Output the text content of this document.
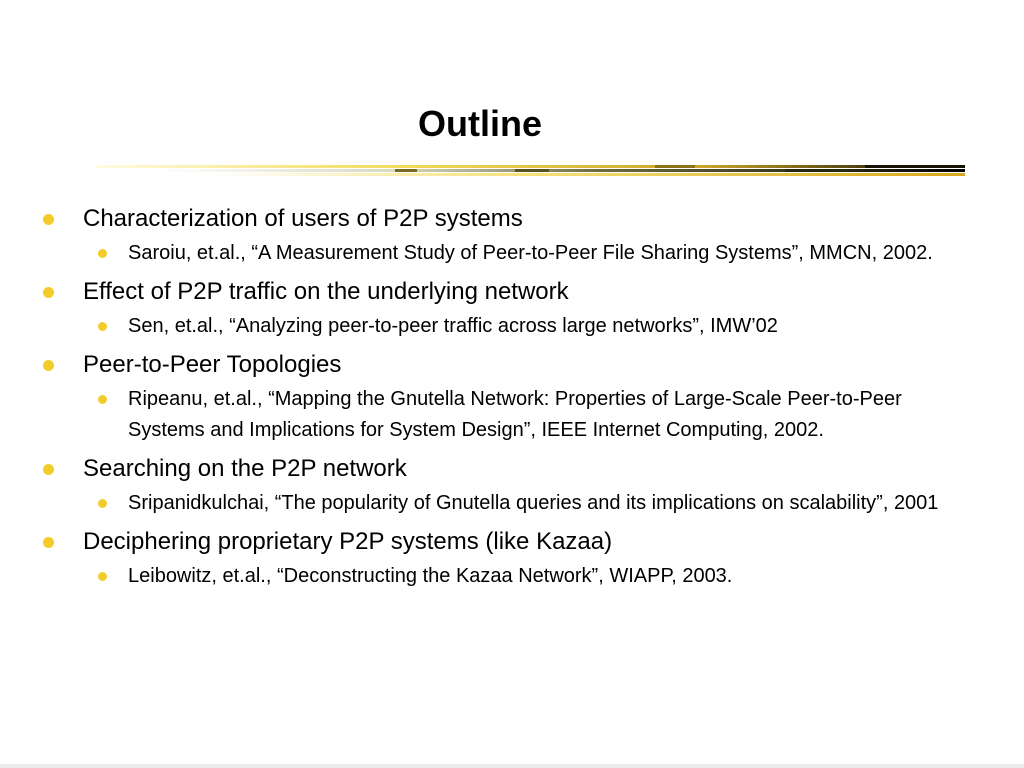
Outline
Characterization of users of P2P systems
Saroiu, et.al., “A Measurement Study of Peer-to-Peer File Sharing Systems”, MMCN, 2002.
Effect of P2P traffic on the underlying network
Sen, et.al., “Analyzing peer-to-peer traffic across large networks”, IMW’02
Peer-to-Peer Topologies
Ripeanu, et.al., “Mapping the Gnutella Network: Properties of Large-Scale Peer-to-Peer Systems and Implications for System Design”, IEEE Internet Computing, 2002.
Searching on the P2P network
Sripanidkulchai, “The popularity of Gnutella queries and its implications on scalability”, 2001
Deciphering proprietary P2P systems (like Kazaa)
Leibowitz, et.al., “Deconstructing the Kazaa Network”, WIAPP, 2003.
